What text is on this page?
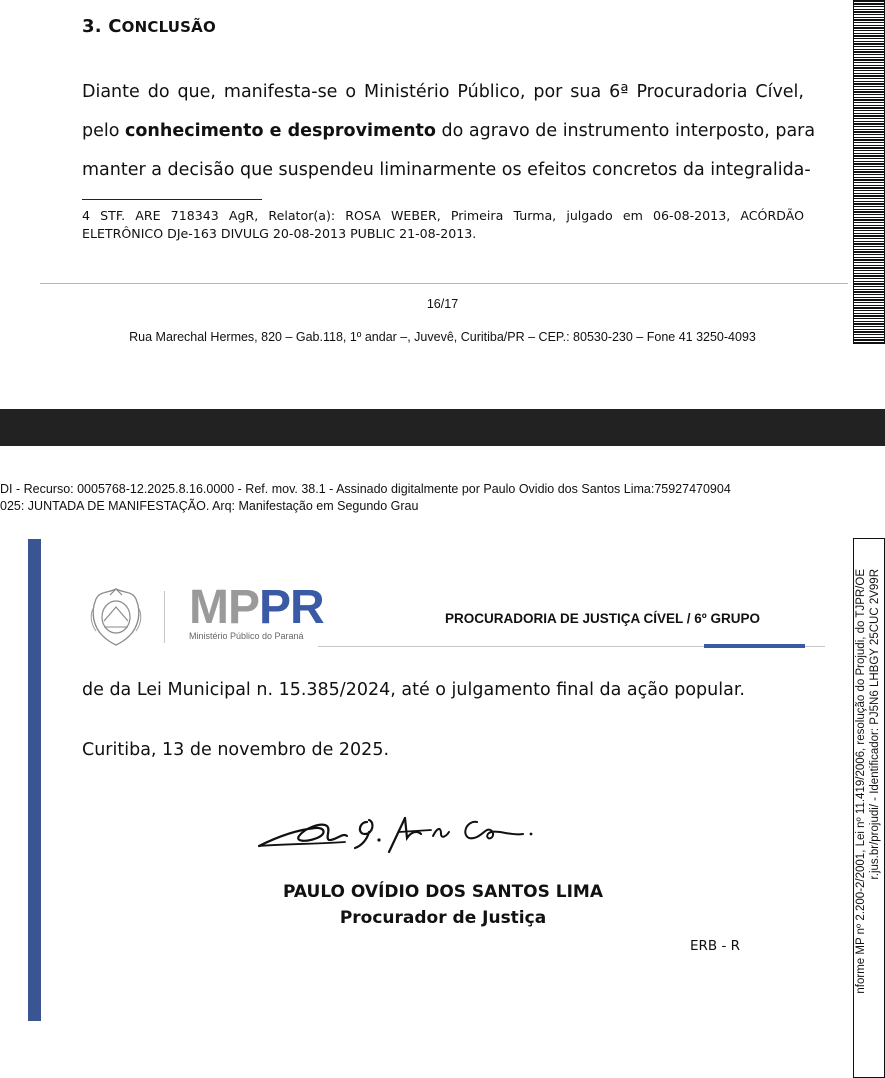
3. CONCLUSÃO
Diante do que, manifesta-se o Ministério Público, por sua 6ª Procuradoria Cível,
pelo conhecimento e desprovimento do agravo de instrumento interposto, para
manter a decisão que suspendeu liminarmente os efeitos concretos da integralida-
4 STF. ARE 718343 AgR, Relator(a): ROSA WEBER, Primeira Turma, julgado em 06-08-2013, ACÓRDÃO
ELETRÔNICO DJe-163 DIVULG 20-08-2013 PUBLIC 21-08-2013.
16/17
Rua Marechal Hermes, 820 – Gab.118, 1º andar –, Juvevê, Curitiba/PR – CEP.: 80530-230 – Fone 41 3250-4093
DI - Recurso: 0005768-12.2025.8.16.0000 - Ref. mov. 38.1 - Assinado digitalmente por Paulo Ovidio dos Santos Lima:75927470904
025: JUNTADA DE MANIFESTAÇÃO. Arq: Manifestação em Segundo Grau
MPPR
Ministério Público do Paraná
PROCURADORIA DE JUSTIÇA CÍVEL / 6º GRUPO
de da Lei Municipal n. 15.385/2024, até o julgamento final da ação popular.
Curitiba, 13 de novembro de 2025.
PAULO OVÍDIO DOS SANTOS LIMA
Procurador de Justiça
ERB - R	nforme MP nº 2.200-2/2001, Lei nº 11.419/2006, resolução do Projudi, do TJPR/OE r.jus.br/projudi/ - Identificador: PJ5N6 LHBGY 25CUC 2V99R
